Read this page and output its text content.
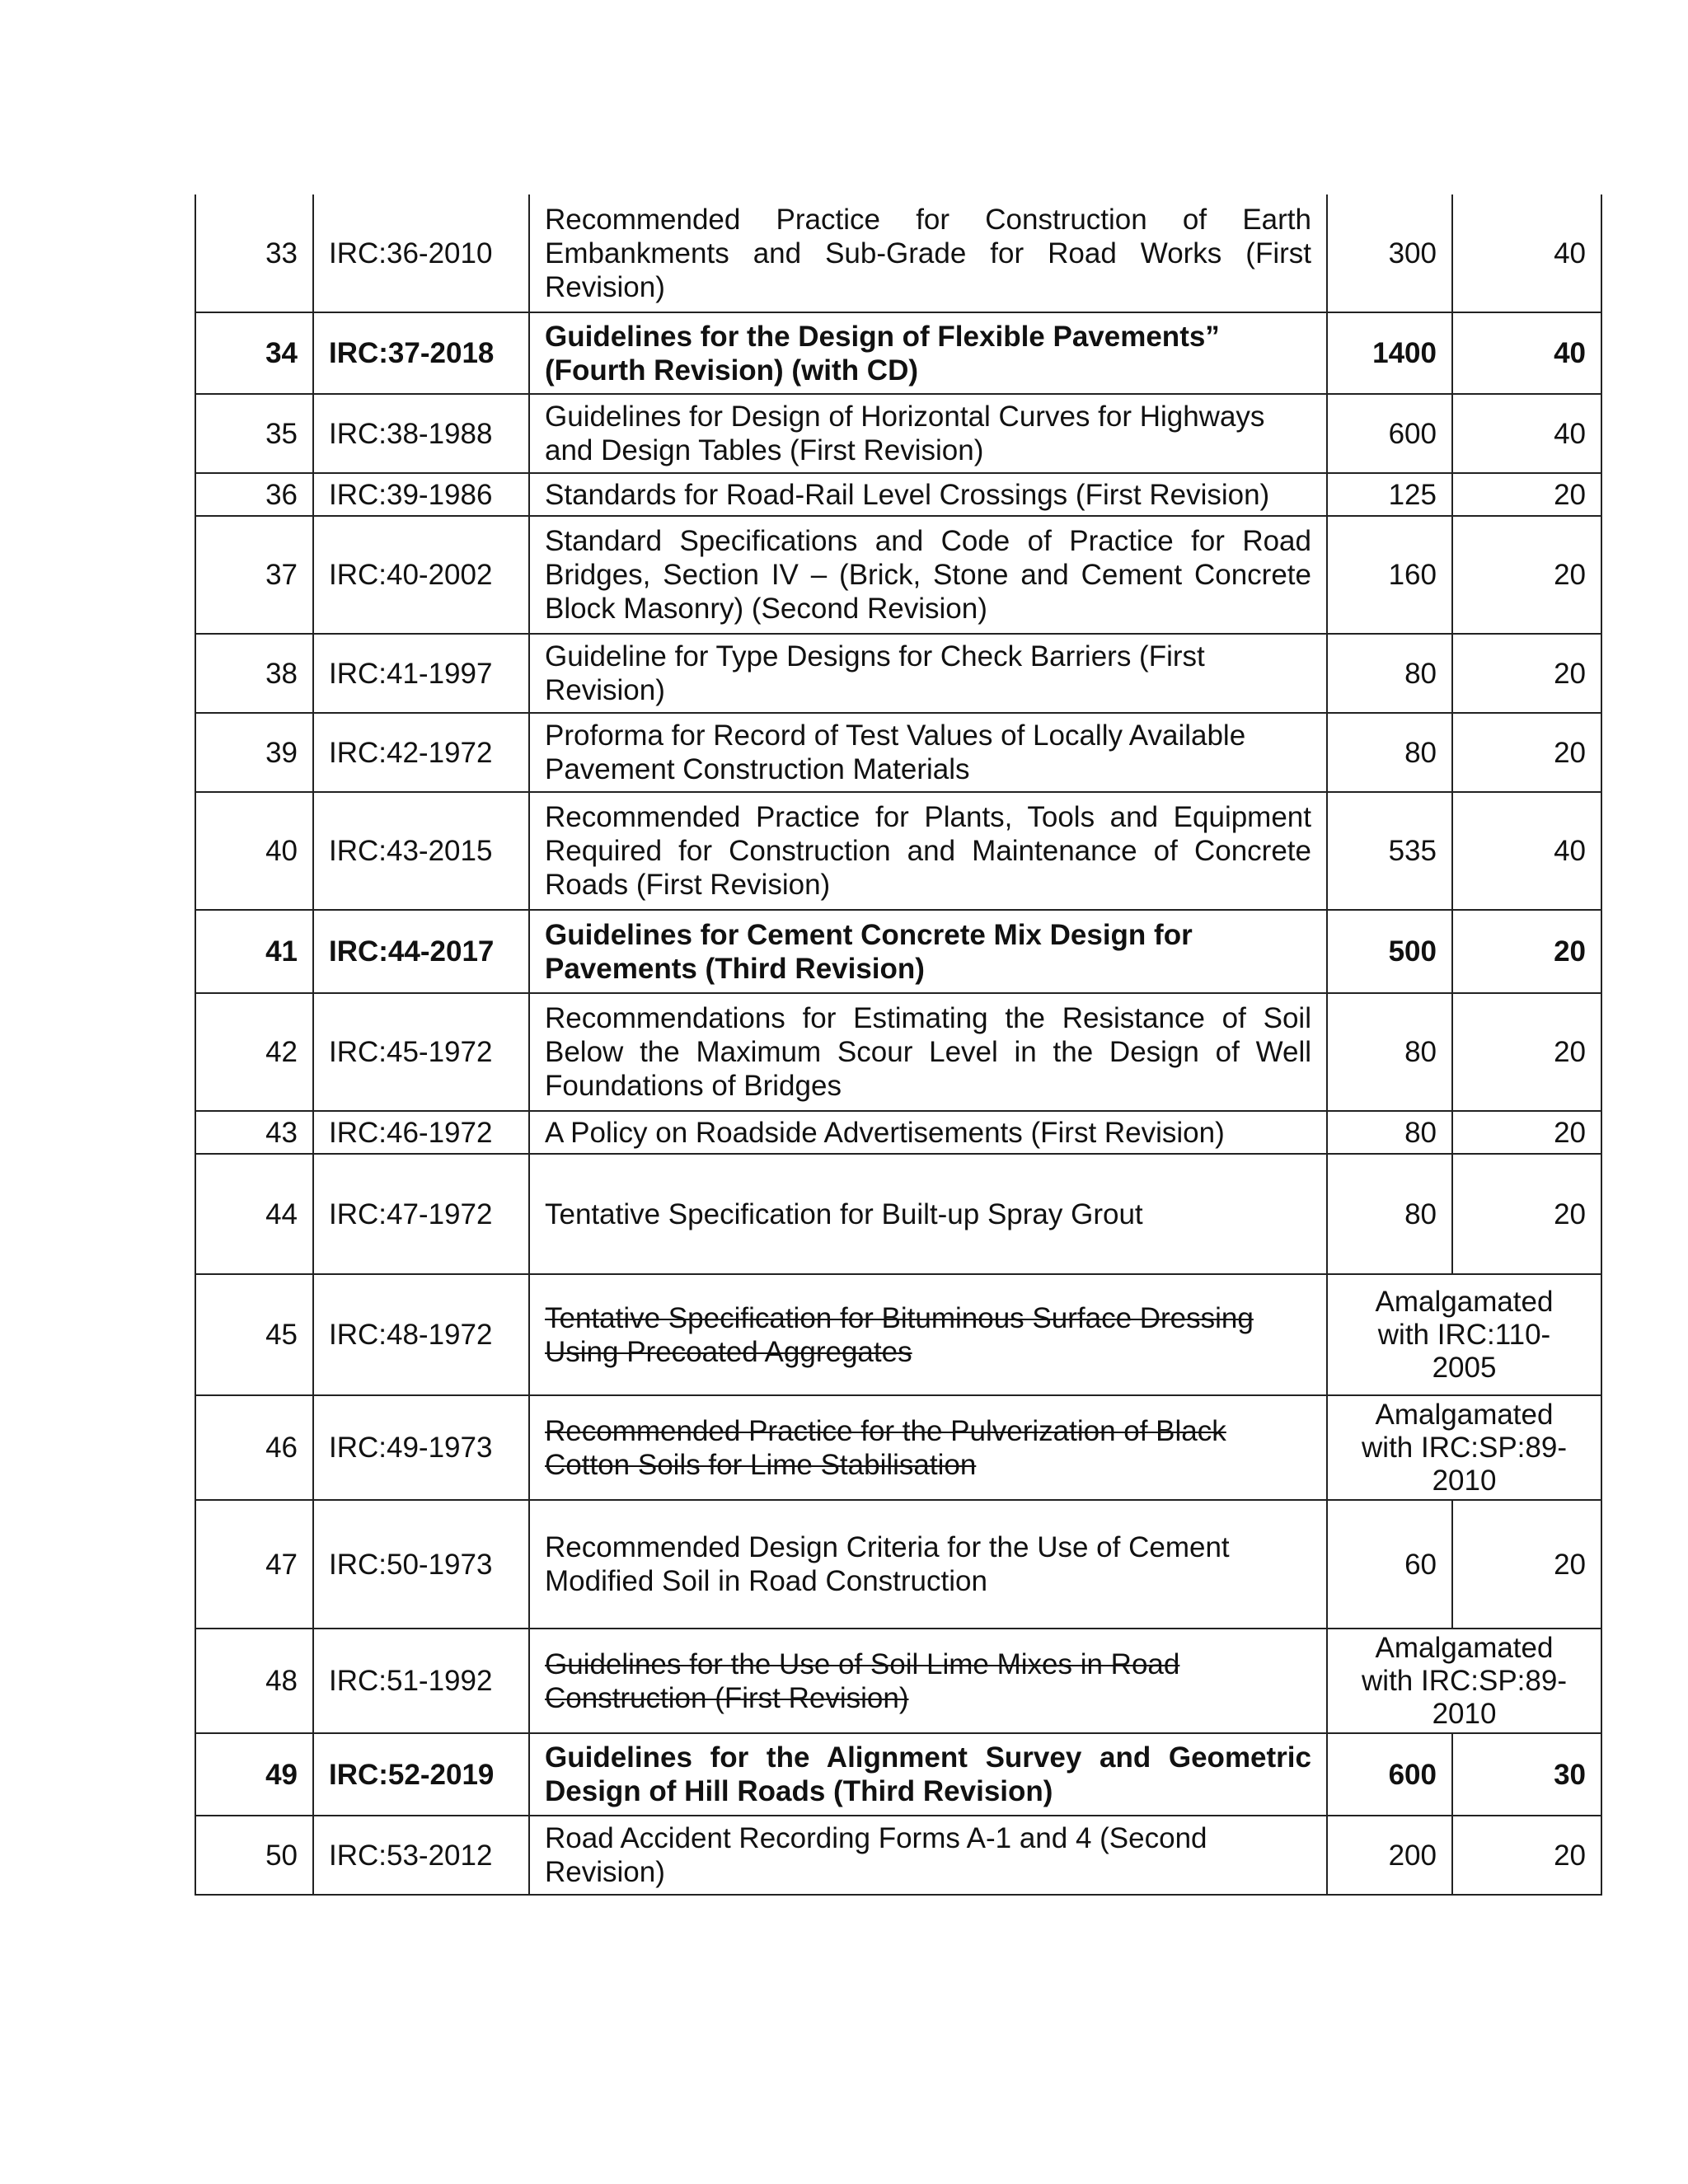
33	IRC:36-2010	Recommended Practice for Construction of Earth Embankments and Sub-Grade for Road Works (First Revision)	300	40
34	IRC:37-2018	Guidelines for the Design of Flexible Pavements” (Fourth Revision) (with CD)	1400	40
35	IRC:38-1988	Guidelines for Design of Horizontal Curves for Highways and Design Tables (First Revision)	600	40
36	IRC:39-1986	Standards for Road-Rail Level Crossings (First Revision)	125	20
37	IRC:40-2002	Standard Specifications and Code of Practice for Road Bridges, Section IV – (Brick, Stone and Cement Concrete Block Masonry) (Second Revision)	160	20
38	IRC:41-1997	Guideline for Type Designs for Check Barriers (First Revision)	80	20
39	IRC:42-1972	Proforma for Record of Test Values of Locally Available Pavement Construction Materials	80	20
40	IRC:43-2015	Recommended Practice for Plants, Tools and Equipment Required for Construction and Maintenance of Concrete Roads (First Revision)	535	40
41	IRC:44-2017	Guidelines for Cement Concrete Mix Design for Pavements (Third Revision)	500	20
42	IRC:45-1972	Recommendations for Estimating the Resistance of Soil Below the Maximum Scour Level in the Design of Well Foundations of Bridges	80	20
43	IRC:46-1972	A Policy on Roadside Advertisements (First Revision)	80	20
44	IRC:47-1972	Tentative Specification for Built-up Spray Grout	80	20
45	IRC:48-1972	Tentative Specification for Bituminous Surface Dressing Using Precoated Aggregates	Amalgamated
with IRC:110-
2005	

46	IRC:49-1973	Recommended Practice for the Pulverization of Black Cotton Soils for Lime Stabilisation	Amalgamated
with IRC:SP:89-
2010	

47	IRC:50-1973	Recommended Design Criteria for the Use of Cement Modified Soil in Road Construction	60	20
48	IRC:51-1992	Guidelines for the Use of Soil Lime Mixes in Road Construction (First Revision)	Amalgamated
with IRC:SP:89-
2010	

49	IRC:52-2019	Guidelines for the Alignment Survey and Geometric Design of Hill Roads (Third Revision)	600	30
50	IRC:53-2012	Road Accident Recording Forms A-1 and 4 (Second Revision)	200	20
